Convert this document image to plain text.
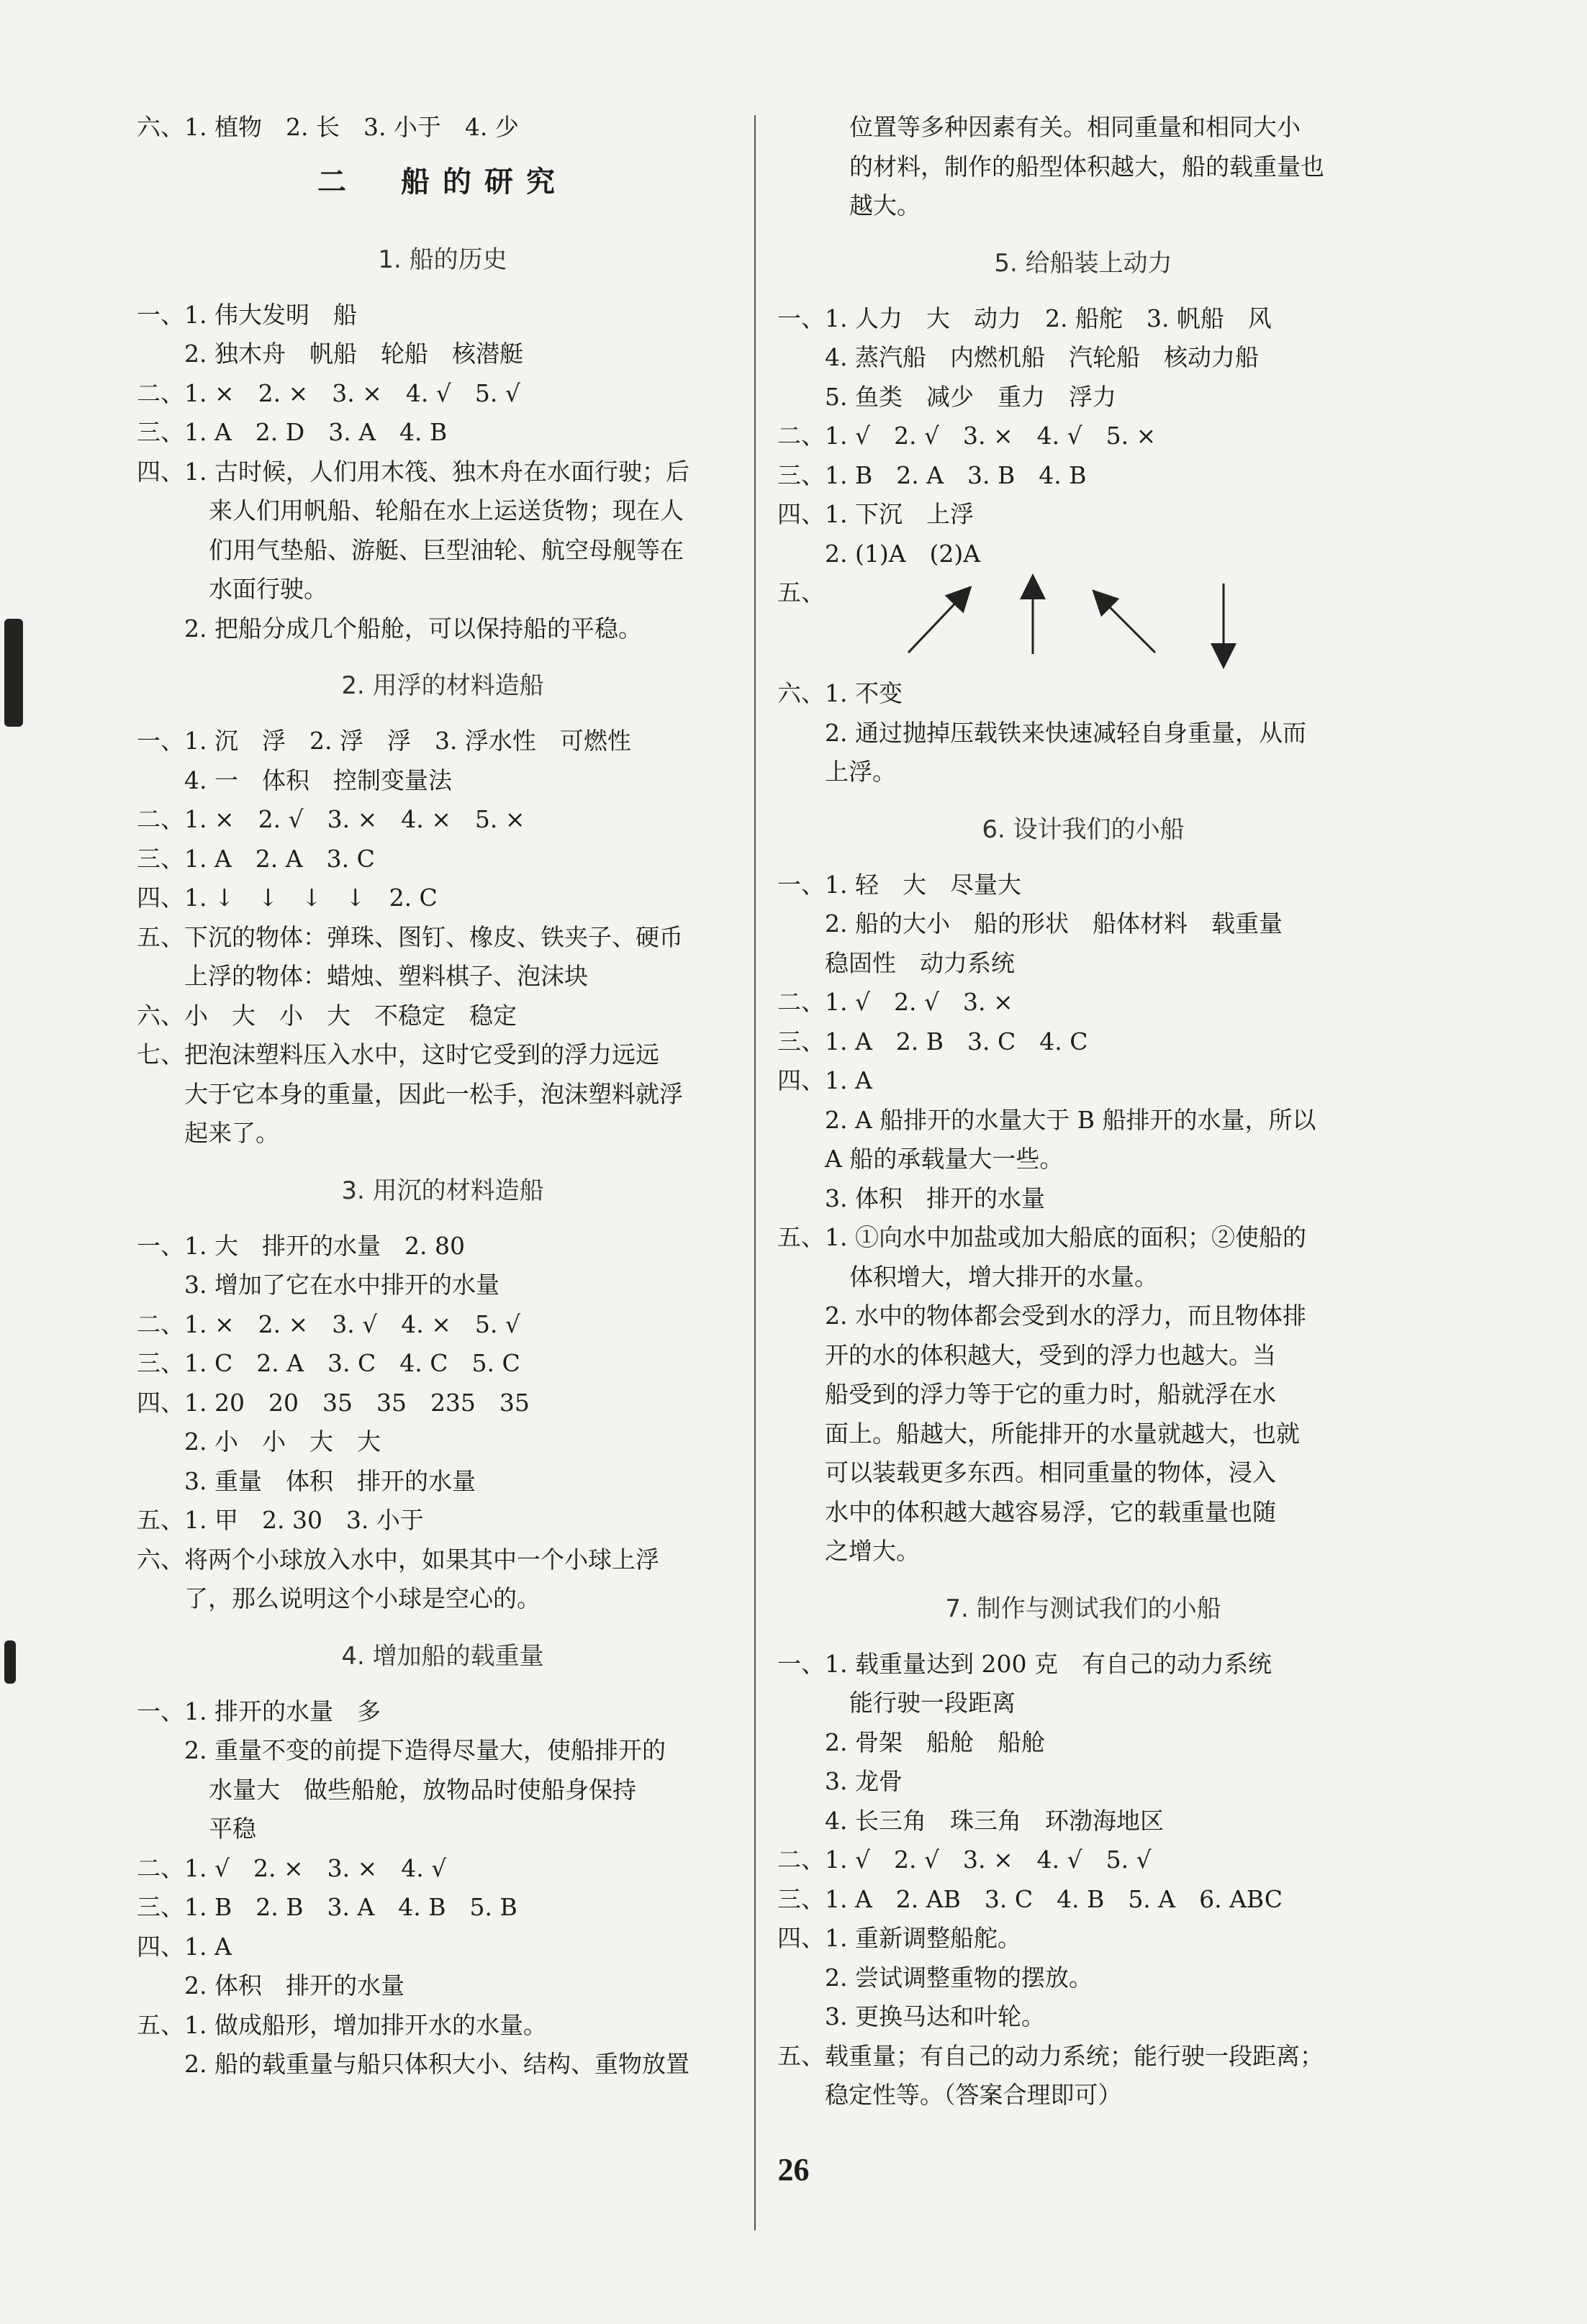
六、1. 植物　2. 长　3. 小于　4. 少
二　船的研究
1. 船的历史
一、1. 伟大发明　船
2. 独木舟　帆船　轮船　核潜艇
二、1. ×　2. ×　3. ×　4. √　5. √
三、1. A　2. D　3. A　4. B
四、1. 古时候，人们用木筏、独木舟在水面行驶；后
来人们用帆船、轮船在水上运送货物；现在人
们用气垫船、游艇、巨型油轮、航空母舰等在
水面行驶。
2. 把船分成几个船舱，可以保持船的平稳。
2. 用浮的材料造船
一、1. 沉　浮　2. 浮　浮　3. 浮水性　可燃性
4. 一　体积　控制变量法
二、1. ×　2. √　3. ×　4. ×　5. ×
三、1. A　2. A　3. C
四、1. ↓　↓　↓　↓　2. C
五、下沉的物体：弹珠、图钉、橡皮、铁夹子、硬币
上浮的物体：蜡烛、塑料棋子、泡沫块
六、小　大　小　大　不稳定　稳定
七、把泡沫塑料压入水中，这时它受到的浮力远远
大于它本身的重量，因此一松手，泡沫塑料就浮
起来了。
3. 用沉的材料造船
一、1. 大　排开的水量　2. 80
3. 增加了它在水中排开的水量
二、1. ×　2. ×　3. √　4. ×　5. √
三、1. C　2. A　3. C　4. C　5. C
四、1. 20　20　35　35　235　35
2. 小　小　大　大
3. 重量　体积　排开的水量
五、1. 甲　2. 30　3. 小于
六、将两个小球放入水中，如果其中一个小球上浮
了，那么说明这个小球是空心的。
4. 增加船的载重量
一、1. 排开的水量　多
2. 重量不变的前提下造得尽量大，使船排开的
水量大　做些船舱，放物品时使船身保持
平稳
二、1. √　2. ×　3. ×　4. √
三、1. B　2. B　3. A　4. B　5. B
四、1. A
2. 体积　排开的水量
五、1. 做成船形，增加排开水的水量。
2. 船的载重量与船只体积大小、结构、重物放置
位置等多种因素有关。相同重量和相同大小
的材料，制作的船型体积越大，船的载重量也
越大。
5. 给船装上动力
一、1. 人力　大　动力　2. 船舵　3. 帆船　风
4. 蒸汽船　内燃机船　汽轮船　核动力船
5. 鱼类　减少　重力　浮力
二、1. √　2. √　3. ×　4. √　5. ×
三、1. B　2. A　3. B　4. B
四、1. 下沉　上浮
2. (1)A　(2)A
五、
六、1. 不变
2. 通过抛掉压载铁来快速减轻自身重量，从而
上浮。
6. 设计我们的小船
一、1. 轻　大　尽量大
2. 船的大小　船的形状　船体材料　载重量
稳固性　动力系统
二、1. √　2. √　3. ×
三、1. A　2. B　3. C　4. C
四、1. A
2. A 船排开的水量大于 B 船排开的水量，所以
A 船的承载量大一些。
3. 体积　排开的水量
五、1. ①向水中加盐或加大船底的面积；②使船的
体积增大，增大排开的水量。
2. 水中的物体都会受到水的浮力，而且物体排
开的水的体积越大，受到的浮力也越大。当
船受到的浮力等于它的重力时，船就浮在水
面上。船越大，所能排开的水量就越大，也就
可以装载更多东西。相同重量的物体，浸入
水中的体积越大越容易浮，它的载重量也随
之增大。
7. 制作与测试我们的小船
一、1. 载重量达到 200 克　有自己的动力系统
能行驶一段距离
2. 骨架　船舱　船舱
3. 龙骨
4. 长三角　珠三角　环渤海地区
二、1. √　2. √　3. ×　4. √　5. √
三、1. A　2. AB　3. C　4. B　5. A　6. ABC
四、1. 重新调整船舵。
2. 尝试调整重物的摆放。
3. 更换马达和叶轮。
五、载重量；有自己的动力系统；能行驶一段距离；
稳定性等。（答案合理即可）
26
